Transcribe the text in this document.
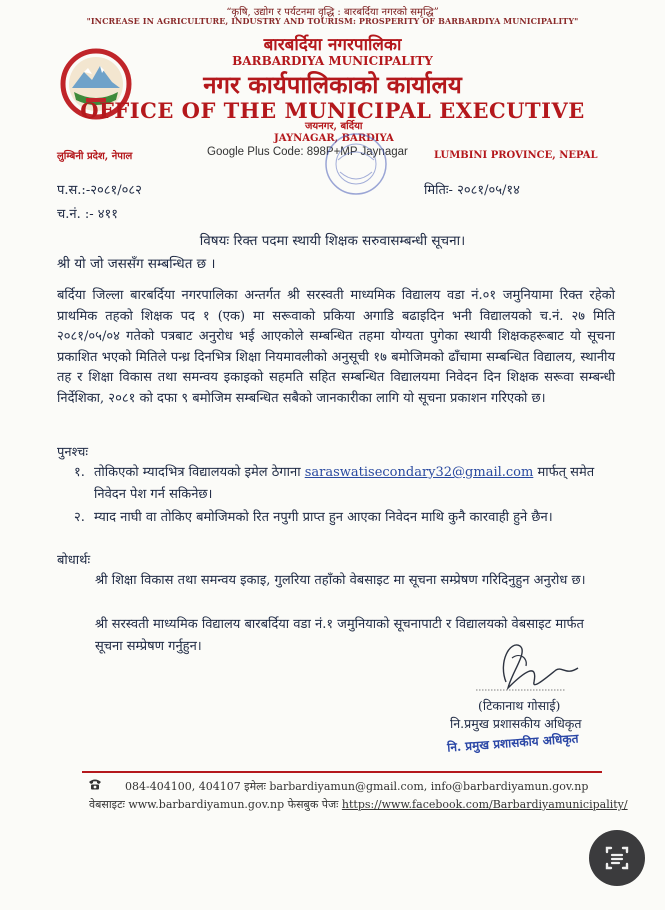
“कृषि, उद्योग र पर्यटनमा वृद्धि : बारबर्दिया नगरको समृद्धि”
"INCREASE IN AGRICULTURE, INDUSTRY AND TOURISM: PROSPERITY OF BARBARDIYA MUNICIPALITY"
बारबर्दिया नगरपालिका
BARBARDIYA MUNICIPALITY
नगर कार्यपालिकाको कार्यालय
OFFICE OF THE MUNICIPAL EXECUTIVE
जयनगर, बर्दिया
JAYNAGAR, BARDIYA
लुम्बिनी प्रदेश, नेपाल	Google Plus Code: 898P+MP Jaynagar	LUMBINI PROVINCE, NEPAL
प.स.:-२०८१/०८२	मितिः- २०८१/०५/१४
च.नं. :- ४११
विषयः रिक्त पदमा स्थायी शिक्षक सरुवासम्बन्धी सूचना।
श्री यो जो जससँग सम्बन्धित छ ।
बर्दिया जिल्ला बारबर्दिया नगरपालिका अन्तर्गत श्री सरस्वती माध्यमिक विद्यालय वडा नं.०१ जमुनियामा रिक्त रहेको प्राथमिक तहको शिक्षक पद १ (एक) मा सरूवाको प्रकिया अगाडि बढाइदिन भनी विद्यालयको च.नं. २७ मिति २०८१/०५/०४ गतेको पत्रबाट अनुरोध भई आएकोले सम्बन्धित तहमा योग्यता पुगेका स्थायी शिक्षकहरूबाट यो सूचना प्रकाशित भएको मितिले पन्ध्र दिनभित्र शिक्षा नियमावलीको अनुसूची १७ बमोजिमको ढाँचामा सम्बन्धित विद्यालय, स्थानीय तह र शिक्षा विकास तथा समन्वय इकाइको सहमति सहित सम्बन्धित विद्यालयमा निवेदन दिन शिक्षक सरूवा सम्बन्धी निर्देशिका, २०८१ को दफा ९ बमोजिम सम्बन्धित सबैको जानकारीका लागि यो सूचना प्रकाशन गरिएको छ।
पुनश्चः
१. तोकिएको म्यादभित्र विद्यालयको इमेल ठेगाना saraswatisecondary32@gmail.com मार्फत् समेत निवेदन पेश गर्न सकिनेछ।
२. म्याद नाघी वा तोकिए बमोजिमको रित नपुगी प्राप्त हुन आएका निवेदन माथि कुनै कारवाही हुने छैन।
बोधार्थः
श्री शिक्षा विकास तथा समन्वय इकाइ, गुलरिया तहाँको वेबसाइट मा सूचना सम्प्रेषण गरिदिनुहुन अनुरोध छ।
श्री सरस्वती माध्यमिक विद्यालय बारबर्दिया वडा नं.१ जमुनियाको सूचनापाटी र विद्यालयको वेबसाइट मार्फत सूचना सम्प्रेषण गर्नुहुन।
(टिकानाथ गोसाई)
नि.प्रमुख प्रशासकीय अधिकृत
नि. प्रमुख प्रशासकीय अधिकृत
084-404100, 404107 इमेलः barbardiyamun@gmail.com, info@barbardiyamun.gov.np
वेबसाइटः www.barbardiyamun.gov.np फेसबुक पेजः https://www.facebook.com/Barbardiyamunicipality/
